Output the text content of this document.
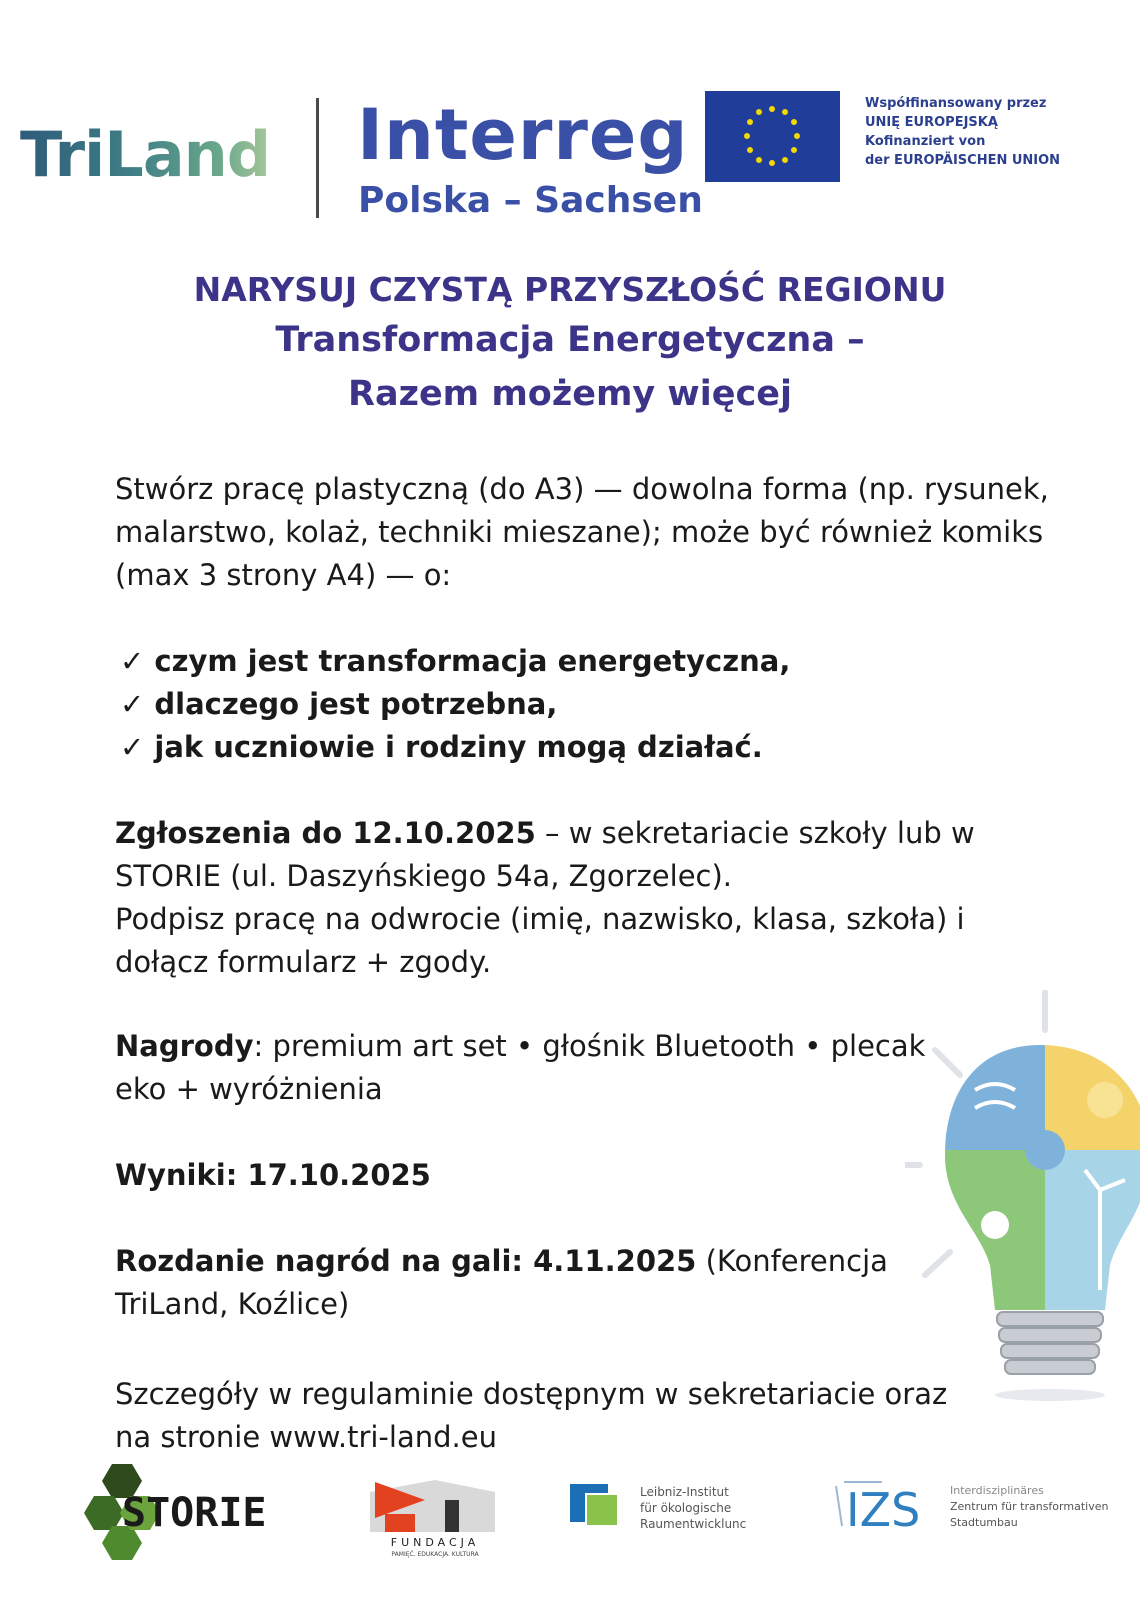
TriLand Interreg
Polska – Sachsen
Współfinansowany przez
UNIĘ EUROPEJSKĄ
Kofinanziert von
der EUROPÄISCHEN UNION
NARYSUJ CZYSTĄ PRZYSZŁOŚĆ REGIONU
Transformacja Energetyczna –
Razem możemy więcej
Stwórz pracę plastyczną (do A3) — dowolna forma (np. rysunek, malarstwo, kolaż, techniki mieszane); może być również komiks (max 3 strony A4) — o:
✓ czym jest transformacja energetyczna,
✓ dlaczego jest potrzebna,
✓ jak uczniowie i rodziny mogą działać.
Zgłoszenia do 12.10.2025 – w sekretariacie szkoły lub w STORIE (ul. Daszyńskiego 54a, Zgorzelec).
Podpisz pracę na odwrocie (imię, nazwisko, klasa, szkoła) i dołącz formularz + zgody.
Nagrody: premium art set • głośnik Bluetooth • plecak eko + wyróżnienia
Wyniki: 17.10.2025
Rozdanie nagród na gali: 4.11.2025 (Konferencja TriLand, Koźlice)
Szczegóły w regulaminie dostępnym w sekretariacie oraz na stronie www.tri-land.eu
STORIE
FUNDACJA
PAMIĘĆ. EDUKACJA. KULTURA
Leibniz-Institut
für ökologische
Raumentwicklunc IZS	Interdisziplinäres
Zentrum für transformativen
Stadtumbau
